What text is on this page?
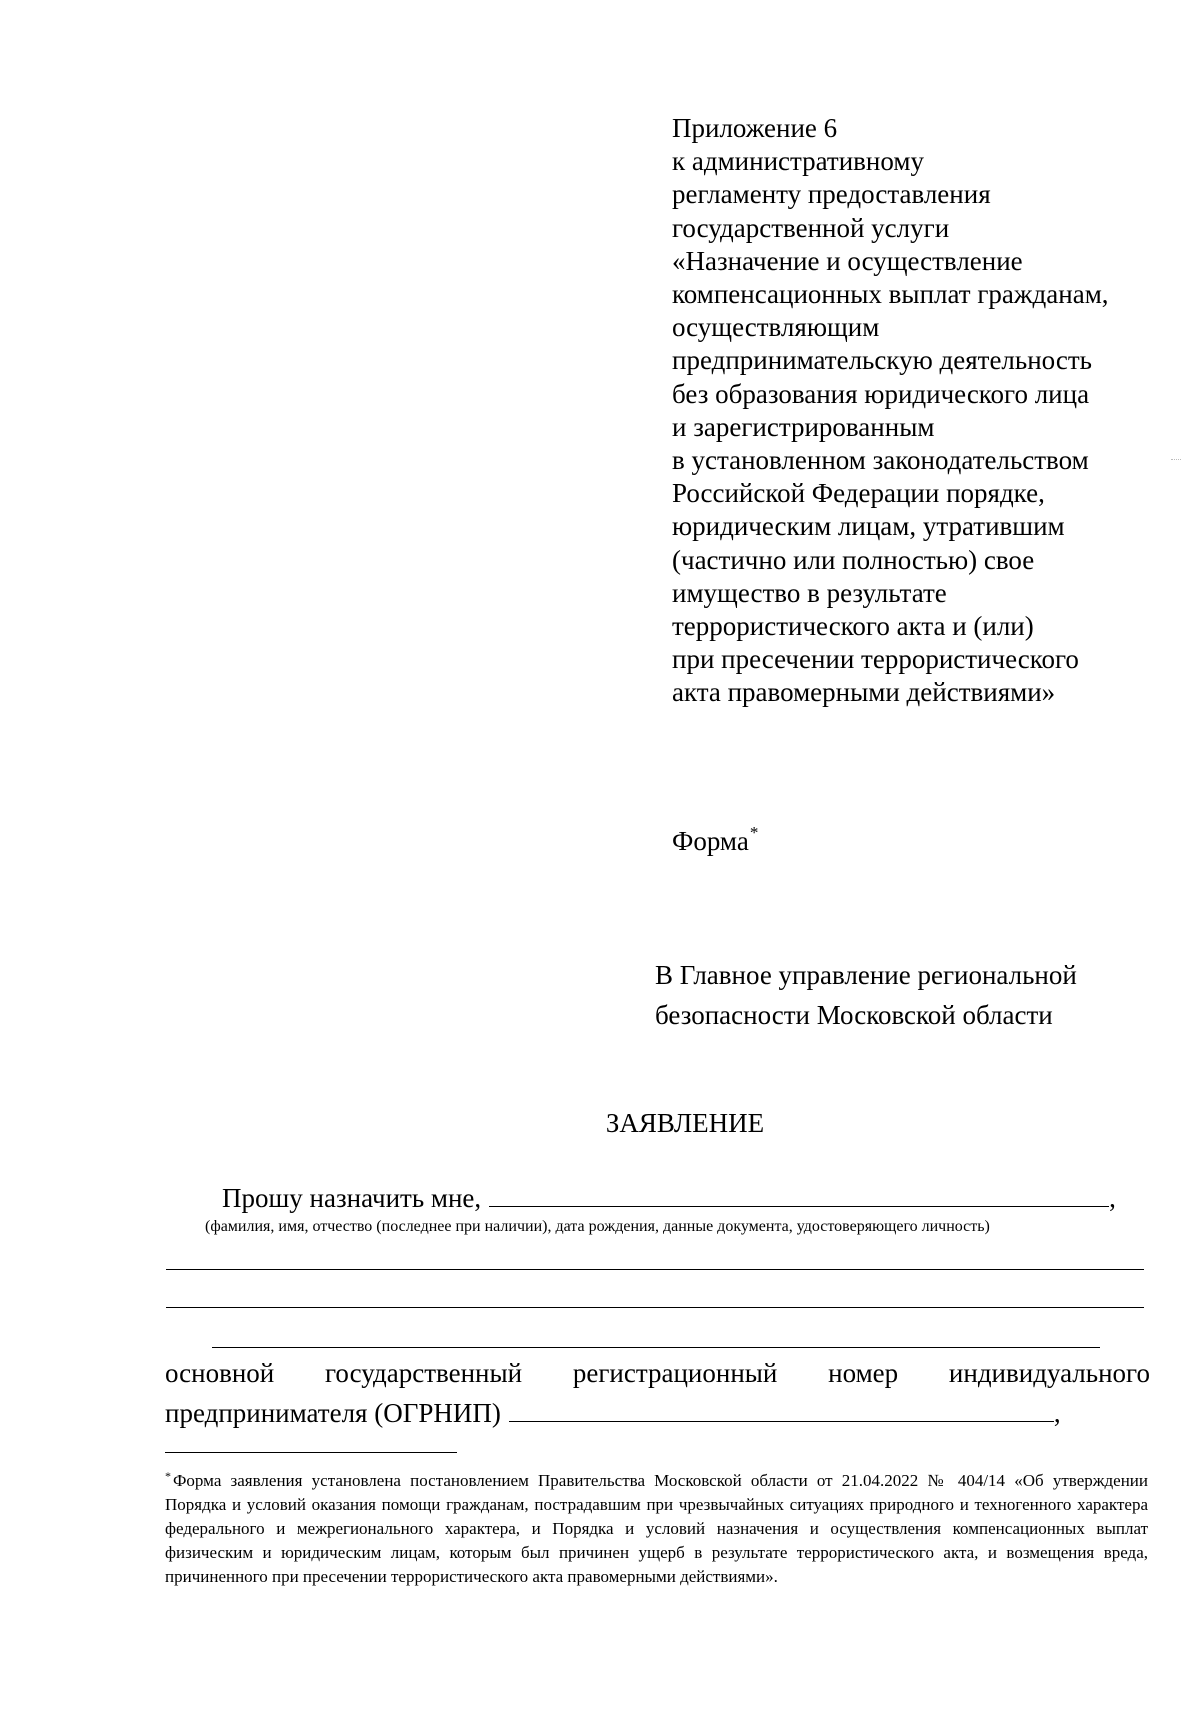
Приложение 6
к административному
регламенту предоставления
государственной услуги
«Назначение и осуществление
компенсационных выплат гражданам,
осуществляющим
предпринимательскую деятельность
без образования юридического лица
и зарегистрированным
в установленном законодательством
Российской Федерации порядке,
юридическим лицам, утратившим
(частично или полностью) свое
имущество в результате
террористического акта и (или)
при пресечении террористического
акта правомерными действиями»
Форма*
В Главное управление региональной
безопасности Московской области
ЗАЯВЛЕНИЕ
Прошу назначить мне,	,
(фамилия, имя, отчество (последнее при наличии), дата рождения, данные документа, удостоверяющего личность)
основной государственный регистрационный номер индивидуального
предпринимателя (ОГРНИП)	,
* Форма заявления установлена постановлением Правительства Московской области от 21.04.2022 № 404/14 «Об утверждении Порядка и условий оказания помощи гражданам, пострадавшим при чрезвычайных ситуациях природного и техногенного характера федерального и межрегионального характера, и Порядка и условий назначения и осуществления компенсационных выплат физическим и юридическим лицам, которым был причинен ущерб в результате террористического акта, и возмещения вреда, причиненного при пресечении террористического акта правомерными действиями».
